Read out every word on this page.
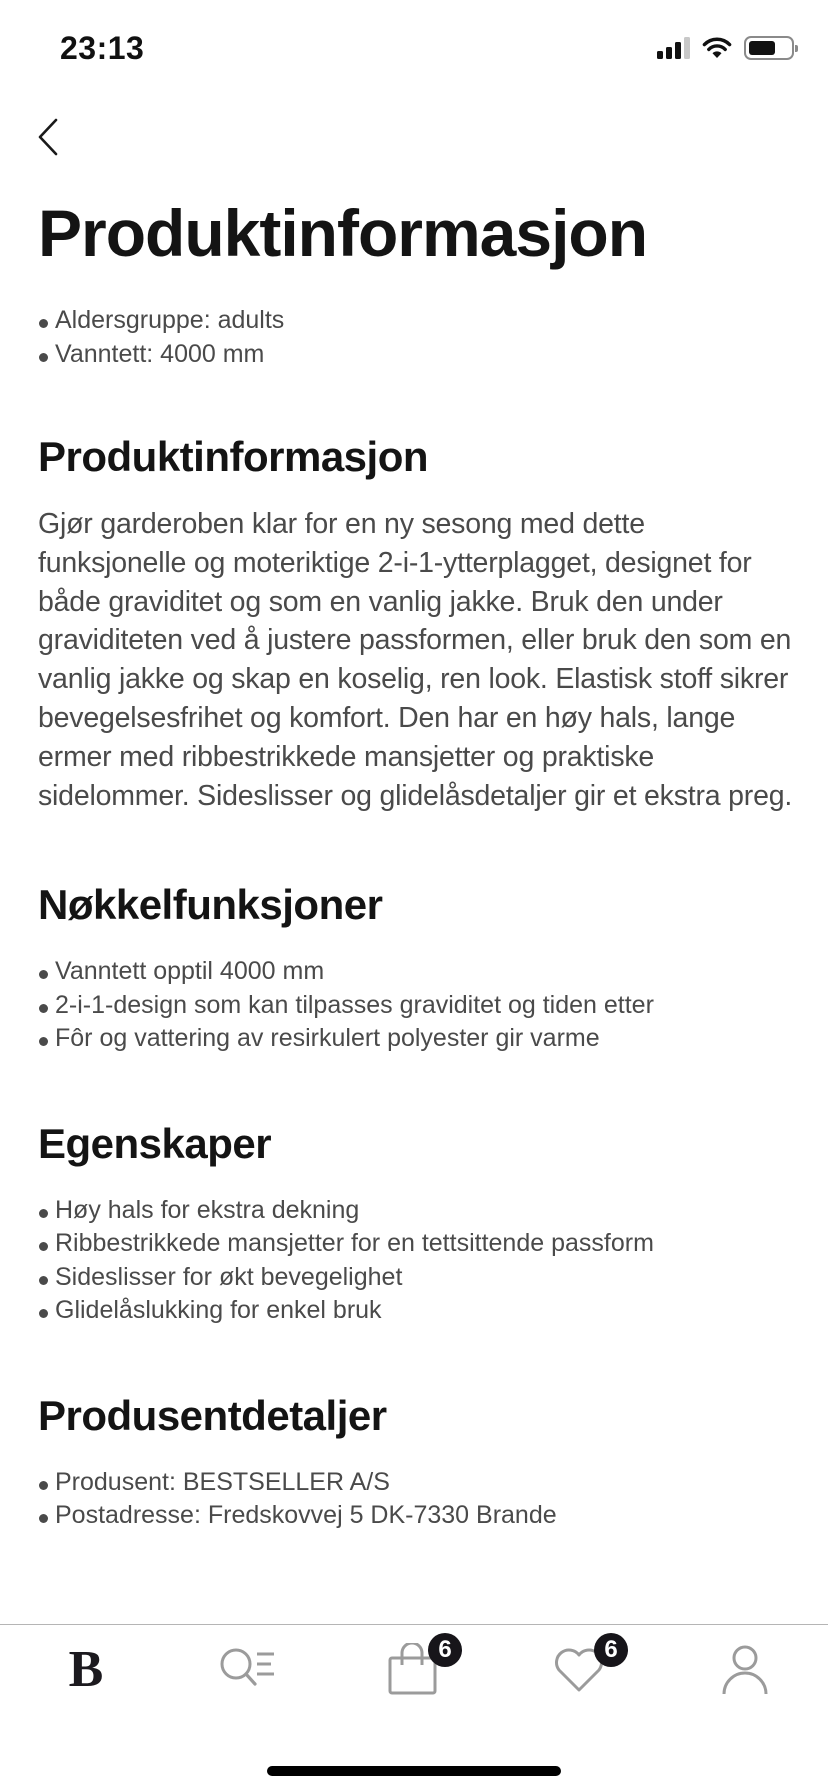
23:13
Produktinformasjon
Aldersgruppe: adults
Vanntett: 4000 mm
Produktinformasjon

Gjør garderoben klar for en ny sesong med dette funksjonelle og moteriktige 2-i-1-ytterplagget, designet for både graviditet og som en vanlig jakke. Bruk den under graviditeten ved å justere passformen, eller bruk den som en vanlig jakke og skap en koselig, ren look. Elastisk stoff sikrer bevegelsesfrihet og komfort. Den har en høy hals, lange ermer med ribbestrikkede mansjetter og praktiske sidelommer. Sideslisser og glidelåsdetaljer gir et ekstra preg.

Nøkkelfunksjoner
Vanntett opptil 4000 mm
2-i-1-design som kan tilpasses graviditet og tiden etter
Fôr og vattering av resirkulert polyester gir varme
Egenskaper
Høy hals for ekstra dekning
Ribbestrikkede mansjetter for en tettsittende passform
Sideslisser for økt bevegelighet
Glidelåslukking for enkel bruk
Produsentdetaljer
Produsent: BESTSELLER A/S
Postadresse: Fredskovvej 5 DK-7330 Brande
B	6	6
